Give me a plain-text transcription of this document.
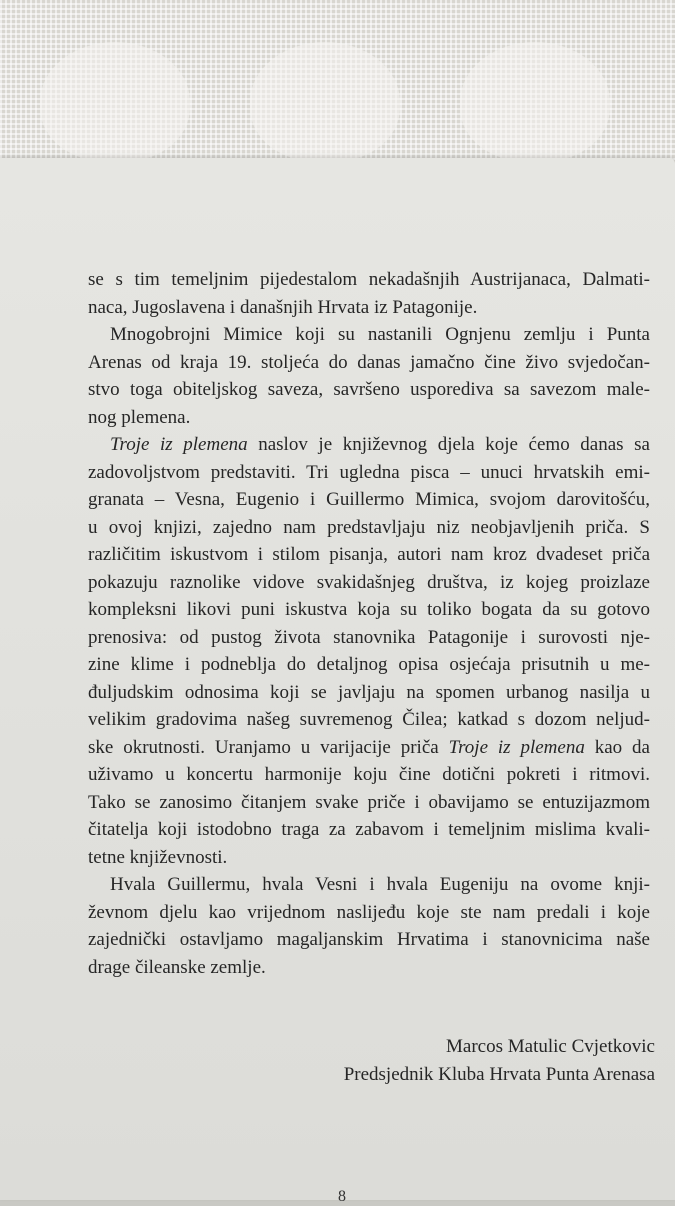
se s tim temeljnim pijedestalom nekadašnjih Austrijanaca, Dalmati-
naca, Jugoslavena i današnjih Hrvata iz Patagonije.
Mnogobrojni Mimice koji su nastanili Ognjenu zemlju i Punta
Arenas od kraja 19. stoljeća do danas jamačno čine živo svjedočan-
stvo toga obiteljskog saveza, savršeno usporediva sa savezom male-
nog plemena.
Troje iz plemena naslov je književnog djela koje ćemo danas sa
zadovoljstvom predstaviti. Tri ugledna pisca – unuci hrvatskih emi-
granata – Vesna, Eugenio i Guillermo Mimica, svojom darovitošću,
u ovoj knjizi, zajedno nam predstavljaju niz neobjavljenih priča. S
različitim iskustvom i stilom pisanja, autori nam kroz dvadeset priča
pokazuju raznolike vidove svakidašnjeg društva, iz kojeg proizlaze
kompleksni likovi puni iskustva koja su toliko bogata da su gotovo
prenosiva: od pustog života stanovnika Patagonije i surovosti nje-
zine klime i podneblja do detaljnog opisa osjećaja prisutnih u me-
đuljudskim odnosima koji se javljaju na spomen urbanog nasilja u
velikim gradovima našeg suvremenog Čilea; katkad s dozom neljud-
ske okrutnosti. Uranjamo u varijacije priča Troje iz plemena kao da
uživamo u koncertu harmonije koju čine dotični pokreti i ritmovi.
Tako se zanosimo čitanjem svake priče i obavijamo se entuzijazmom
čitatelja koji istodobno traga za zabavom i temeljnim mislima kvali-
tetne književnosti.
Hvala Guillermu, hvala Vesni i hvala Eugeniju na ovome knji-
ževnom djelu kao vrijednom naslijeđu koje ste nam predali i koje
zajednički ostavljamo magaljanskim Hrvatima i stanovnicima naše
drage čileanske zemlje.
Marcos Matulic Cvjetkovic
Predsjednik Kluba Hrvata Punta Arenasa
8
